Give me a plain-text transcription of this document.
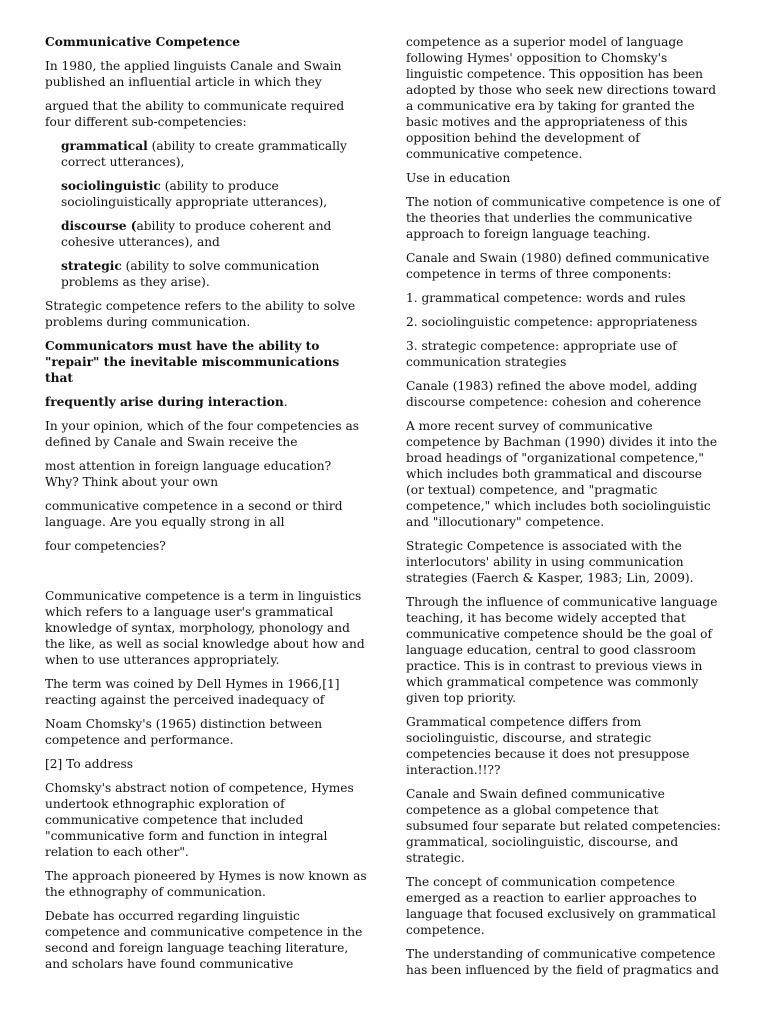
Communicative Competence

In 1980, the applied linguists Canale and Swain published an influential article in which they

argued that the ability to communicate required four different sub-competencies:

grammatical (ability to create grammatically correct utterances),

sociolinguistic (ability to produce sociolinguistically appropriate utterances),

discourse (ability to produce coherent and cohesive utterances), and

strategic (ability to solve communication problems as they arise).

Strategic competence refers to the ability to solve problems during communication.

Communicators must have the ability to "repair" the inevitable miscommunications that

frequently arise during interaction.

In your opinion, which of the four competencies as defined by Canale and Swain receive the

most attention in foreign language education? Why? Think about your own

communicative competence in a second or third language. Are you equally strong in all

four competencies?

Communicative competence is a term in linguistics which refers to a language user's grammatical knowledge of syntax, morphology, phonology and the like, as well as social knowledge about how and when to use utterances appropriately.

The term was coined by Dell Hymes in 1966,[1] reacting against the perceived inadequacy of

Noam Chomsky's (1965) distinction between competence and performance.

[2] To address

Chomsky's abstract notion of competence, Hymes undertook ethnographic exploration of communicative competence that included "communicative form and function in integral relation to each other".

The approach pioneered by Hymes is now known as the ethnography of communication.

Debate has occurred regarding linguistic competence and communicative competence in the second and foreign language teaching literature, and scholars have found communicative

competence as a superior model of language following Hymes' opposition to Chomsky's linguistic competence. This opposition has been adopted by those who seek new directions toward a communicative era by taking for granted the basic motives and the appropriateness of this opposition behind the development of communicative competence.

Use in education

The notion of communicative competence is one of the theories that underlies the communicative approach to foreign language teaching.

Canale and Swain (1980) defined communicative competence in terms of three components:

1. grammatical competence: words and rules

2. sociolinguistic competence: appropriateness

3. strategic competence: appropriate use of communication strategies

Canale (1983) refined the above model, adding discourse competence: cohesion and coherence

A more recent survey of communicative competence by Bachman (1990) divides it into the broad headings of "organizational competence," which includes both grammatical and discourse (or textual) competence, and "pragmatic competence," which includes both sociolinguistic and "illocutionary" competence.

Strategic Competence is associated with the interlocutors' ability in using communication strategies (Faerch & Kasper, 1983; Lin, 2009).

Through the influence of communicative language teaching, it has become widely accepted that communicative competence should be the goal of language education, central to good classroom practice. This is in contrast to previous views in which grammatical competence was commonly given top priority.

Grammatical competence differs from sociolinguistic, discourse, and strategic competencies because it does not presuppose interaction.!!??

Canale and Swain defined communicative competence as a global competence that subsumed four separate but related competencies: grammatical, sociolinguistic, discourse, and strategic.

The concept of communication competence emerged as a reaction to earlier approaches to language that focused exclusively on grammatical competence.

The understanding of communicative competence has been influenced by the field of pragmatics and
